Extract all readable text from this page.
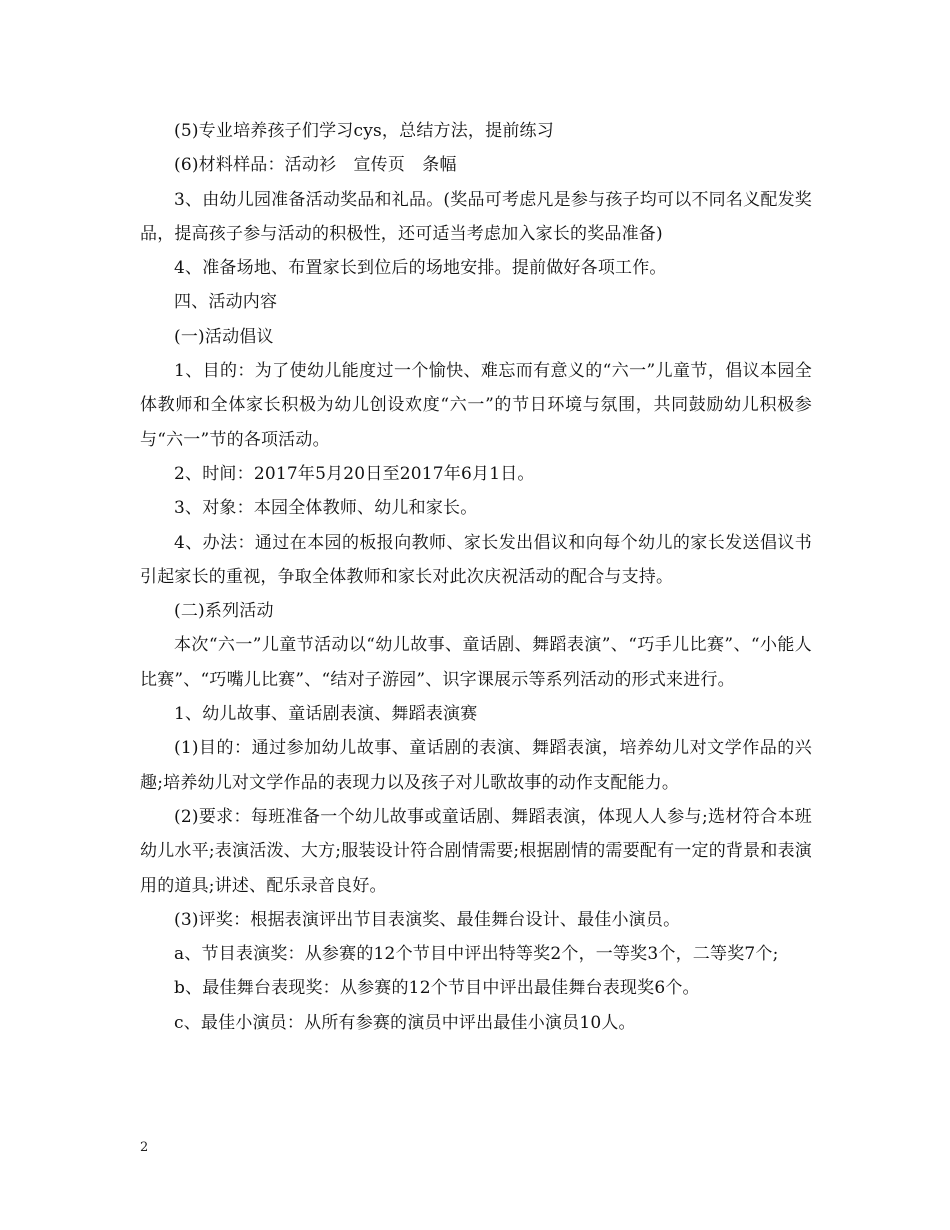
(5)专业培养孩子们学习cys，总结方法，提前练习

(6)材料样品：活动衫　宣传页　条幅

3、由幼儿园准备活动奖品和礼品。(奖品可考虑凡是参与孩子均可以不同名义配发奖品，提高孩子参与活动的积极性，还可适当考虑加入家长的奖品准备)

4、准备场地、布置家长到位后的场地安排。提前做好各项工作。

四、活动内容

(一)活动倡议

1、目的：为了使幼儿能度过一个愉快、难忘而有意义的“六一”儿童节，倡议本园全体教师和全体家长积极为幼儿创设欢度“六一”的节日环境与氛围，共同鼓励幼儿积极参与“六一”节的各项活动。

2、时间：2017年5月20日至2017年6月1日。

3、对象：本园全体教师、幼儿和家长。

4、办法：通过在本园的板报向教师、家长发出倡议和向每个幼儿的家长发送倡议书引起家长的重视，争取全体教师和家长对此次庆祝活动的配合与支持。

(二)系列活动

本次“六一”儿童节活动以“幼儿故事、童话剧、舞蹈表演”、“巧手儿比赛”、“小能人比赛”、“巧嘴儿比赛”、“结对子游园”、识字课展示等系列活动的形式来进行。

1、幼儿故事、童话剧表演、舞蹈表演赛

(1)目的：通过参加幼儿故事、童话剧的表演、舞蹈表演，培养幼儿对文学作品的兴趣;培养幼儿对文学作品的表现力以及孩子对儿歌故事的动作支配能力。

(2)要求：每班准备一个幼儿故事或童话剧、舞蹈表演，体现人人参与;选材符合本班幼儿水平;表演活泼、大方;服装设计符合剧情需要;根据剧情的需要配有一定的背景和表演用的道具;讲述、配乐录音良好。

(3)评奖：根据表演评出节目表演奖、最佳舞台设计、最佳小演员。

a、节目表演奖：从参赛的12个节目中评出特等奖2个，一等奖3个，二等奖7个;

b、最佳舞台表现奖：从参赛的12个节目中评出最佳舞台表现奖6个。

c、最佳小演员：从所有参赛的演员中评出最佳小演员10人。

2
